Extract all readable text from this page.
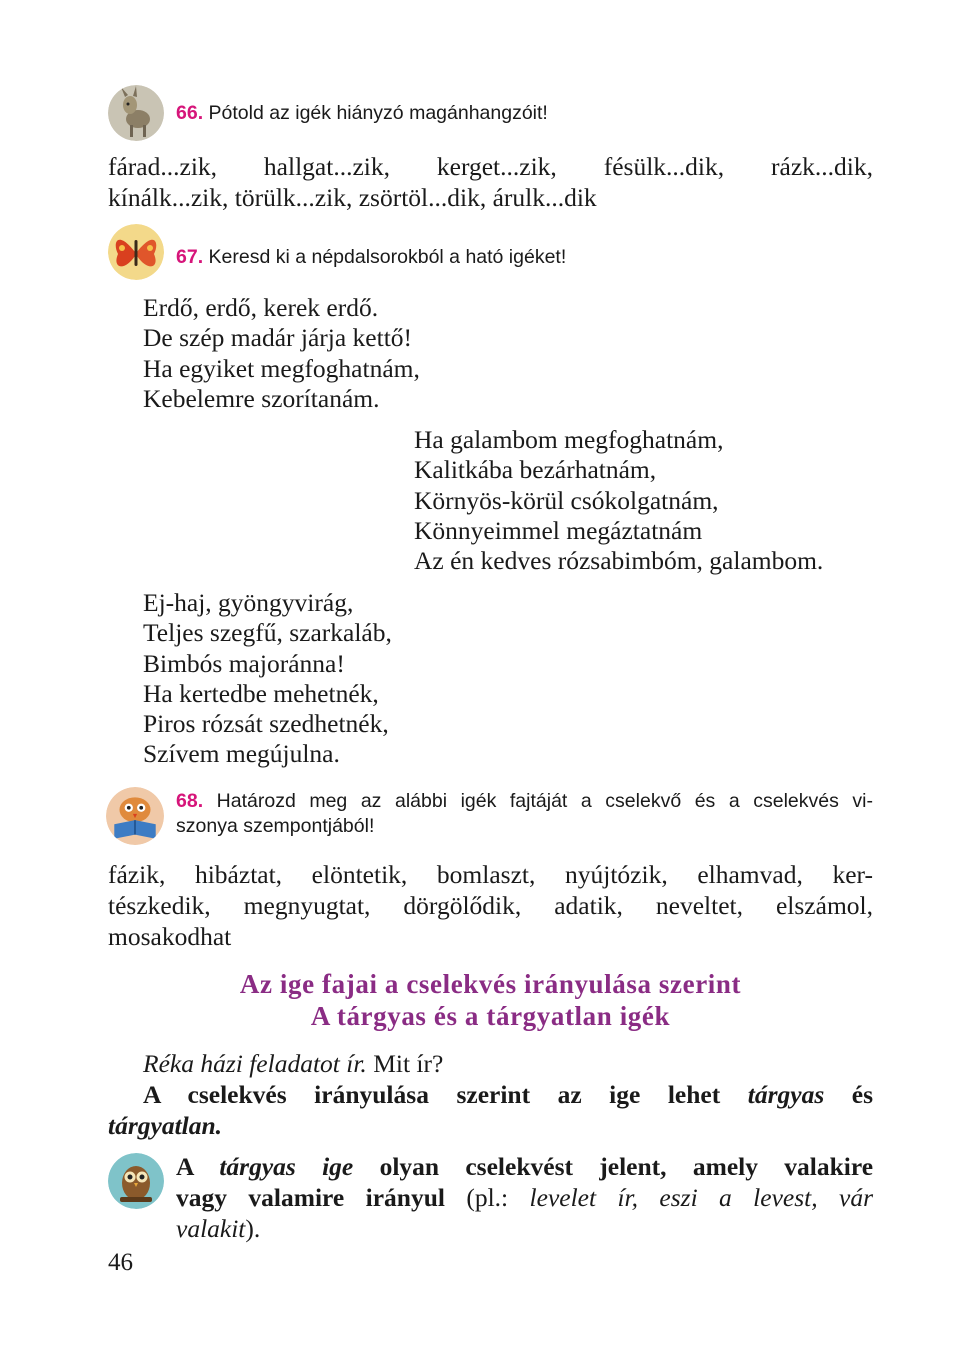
66. Pótold az igék hiányzó magánhangzóit!
fárad...zik, hallgat...zik, kerget...zik, fésülk...dik, rázk...dik,
kínálk...zik, törülk...zik, zsörtöl...dik, árulk...dik
67. Keresd ki a népdalsorokból a ható igéket!
Erdő, erdő, kerek erdő.
De szép madár járja kettő!
Ha egyiket megfoghatnám,
Kebelemre szorítanám.
Ha galambom megfoghatnám,
Kalitkába bezárhatnám,
Környös-körül csókolgatnám,
Könnyeimmel megáztatnám
Az én kedves rózsabimbóm, galambom.
Ej-haj, gyöngyvirág,
Teljes szegfű, szarkaláb,
Bimbós majoránna!
Ha kertedbe mehetnék,
Piros rózsát szedhetnék,
Szívem megújulna.
68. Határozd meg az alábbi igék fajtáját a cselekvő és a cselekvés vi-
szonya szempontjából!
fázik, hibáztat, elöntetik, bomlaszt, nyújtózik, elhamvad, ker-
tészkedik, megnyugtat, dörgölődik, adatik, neveltet, elszámol,
mosakodhat
Az ige fajai a cselekvés irányulása szerint
A tárgyas és a tárgyatlan igék
Réka házi feladatot ír. Mit ír?
A cselekvés irányulása szerint az ige lehet tárgyas és
tárgyatlan.
A tárgyas ige olyan cselekvést jelent, amely valakire
vagy valamire irányul (pl.: levelet ír, eszi a levest, vár
valakit).
46
